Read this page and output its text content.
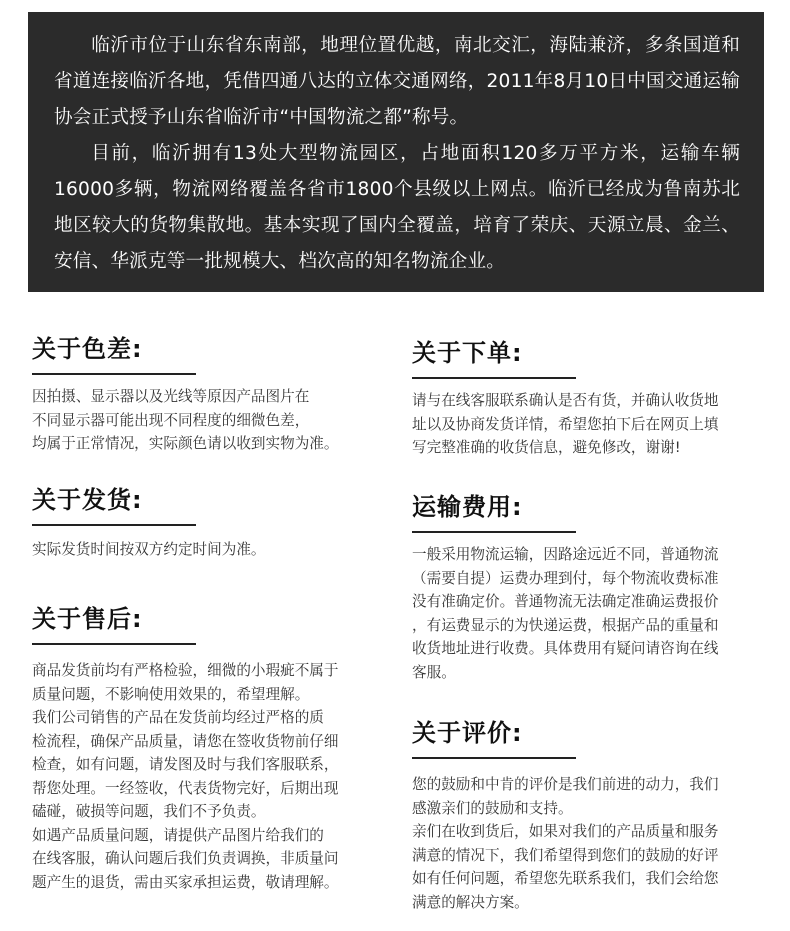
临沂市位于山东省东南部，地理位置优越，南北交汇，海陆兼济，多条国道和省道连接临沂各地，凭借四通八达的立体交通网络，2011年8月10日中国交通运输协会正式授予山东省临沂市“中国物流之都”称号。

目前，临沂拥有13处大型物流园区，占地面积120多万平方米，运输车辆16000多辆，物流网络覆盖各省市1800个县级以上网点。临沂已经成为鲁南苏北地区较大的货物集散地。基本实现了国内全覆盖，培育了荣庆、天源立晨、金兰、安信、华派克等一批规模大、档次高的知名物流企业。

关于色差:

因拍摄、显示器以及光线等原因产品图片在

不同显示器可能出现不同程度的细微色差，

均属于正常情况，实际颜色请以收到实物为准。

关于发货:

实际发货时间按双方约定时间为准。

关于售后:

商品发货前均有严格检验，细微的小瑕疵不属于

质量问题，不影响使用效果的，希望理解。

我们公司销售的产品在发货前均经过严格的质

检流程，确保产品质量，请您在签收货物前仔细

检查，如有问题，请发图及时与我们客服联系，

帮您处理。一经签收，代表货物完好，后期出现

磕碰，破损等问题，我们不予负责。

如遇产品质量问题，请提供产品图片给我们的

在线客服，确认问题后我们负责调换，非质量问

题产生的退货，需由买家承担运费，敬请理解。

关于下单:

请与在线客服联系确认是否有货，并确认收货地

址以及协商发货详情，希望您拍下后在网页上填

写完整准确的收货信息，避免修改，谢谢!

运输费用:

一般采用物流运输，因路途远近不同，普通物流

（需要自提）运费办理到付，每个物流收费标准

没有准确定价。普通物流无法确定准确运费报价

，有运费显示的为快递运费，根据产品的重量和

收货地址进行收费。具体费用有疑问请咨询在线

客服。

关于评价:

您的鼓励和中肯的评价是我们前进的动力，我们

感激亲们的鼓励和支持。

亲们在收到货后，如果对我们的产品质量和服务

满意的情况下，我们希望得到您们的鼓励的好评

如有任何问题，希望您先联系我们，我们会给您

满意的解决方案。
